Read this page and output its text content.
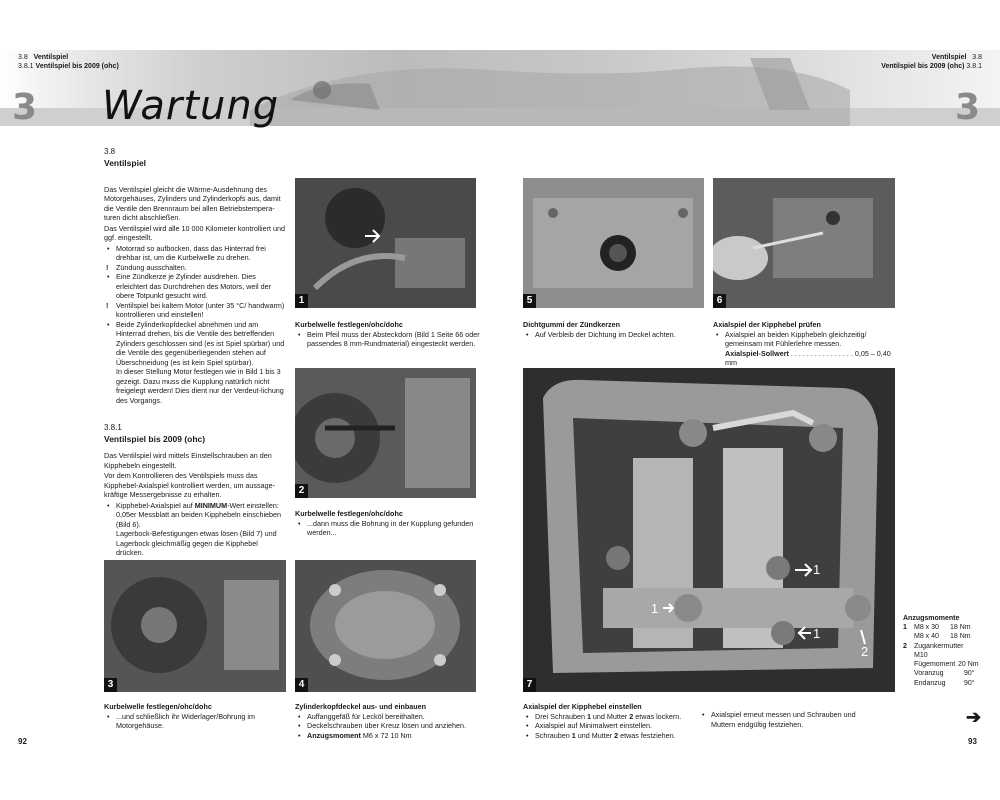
3.8 Ventilspiel
3.8.1 Ventilspiel bis 2009 (ohc)
Ventilspiel 3.8
Ventilspiel bis 2009 (ohc) 3.8.1
3	3
Wartung
3.8
Ventilspiel

Das Ventilspiel gleicht die Wärme-Ausdehnung des Motorgehäuses, Zylinders und Zylinderkopfs aus, damit die Ventile den Brennraum bei allen Betriebstempera-turen dicht abschließen.

Das Ventilspiel wird alle 10 000 Kilometer kontrolliert und ggf. eingestellt.

• Motorrad so aufbocken, dass das Hinterrad frei drehbar ist, um die Kurbelwelle zu drehen.
! Zündung ausschalten.
• Eine Zündkerze je Zylinder ausdrehen. Dies erleichtert das Durchdrehen des Motors, weil der obere Totpunkt gesucht wird.
! Ventilspiel bei kaltem Motor (unter 35 °C/ handwarm) kontrollieren und einstellen!
• Beide Zylinderkopfdeckel abnehmen und am Hinterrad drehen, bis die Ventile des betreffenden Zylinders geschlossen sind (es ist Spiel spürbar) und die Ventile des gegenüberliegenden stehen auf Überschneidung (es ist kein Spiel spürbar).

In dieser Stellung Motor festlegen wie in Bild 1 bis 3 gezeigt. Dazu muss die Kupplung natürlich nicht freigelegt werden! Dies dient nur der Verdeut-lichung des Vorgangs.

3.8.1
Ventilspiel bis 2009 (ohc)

Das Ventilspiel wird mittels Einstellschrauben an den Kipphebeln eingestellt.

Vor dem Kontrollieren des Ventilspiels muss das Kipphebel-Axialspiel kontrolliert werden, um aussage-kräftige Messergebnisse zu erhalten.

• Kipphebel-Axialspiel auf MINIMUM-Wert einstellen: 0,05er Messblatt an beiden Kipphebeln einschieben (Bild 6).

Lagerbock-Befestigungen etwas lösen (Bild 7) und Lagerbock gleichmäßig gegen die Kipphebel drücken.

1
Kurbelwelle festlegen/ohc/dohc
• Beim Pfeil muss der Absteckdorn (Bild 1 Seite 66 oder passendes 8 mm-Rundmaterial) eingesteckt werden.
2
Kurbelwelle festlegen/ohc/dohc
• ...dann muss die Bohrung in der Kupplung gefunden werden...
3
Kurbelwelle festlegen/ohc/dohc
• ...und schließlich ihr Widerlager/Bohrung im Motorgehäuse.
4
Zylinderkopfdeckel aus- und einbauen
• Auffanggefäß für Lecköl bereithalten.
• Deckelschrauben über Kreuz lösen und anziehen.
• Anzugsmoment M6 x 72 10 Nm
5
Dichtgummi der Zündkerzen
• Auf Verbleib der Dichtung im Deckel achten.
6
Axialspiel der Kipphebel prüfen
• Axialspiel an beiden Kipphebeln gleichzeitig/ gemeinsam mit Fühlerlehre messen.
Axialspiel-Sollwert . . . . . . . . . . . . . . . . 0,05 – 0,40 mm
1
1
1
2
7
Axialspiel der Kipphebel einstellen
• Drei Schrauben 1 und Mutter 2 etwas lockern.
• Axialspiel auf Minimalwert einstellen.
• Schrauben 1 und Mutter 2 etwas festziehen.
• Axialspiel erneut messen und Schrauben und Muttern endgültig festziehen.
Anzugsmomente
1	M8 x 30	18 Nm
M8 x 40	18 Nm
2	Zugankermutter
M10
Fügemoment 20 Nm
Voranzug	90°
Endanzug	90°
➔
92	93
